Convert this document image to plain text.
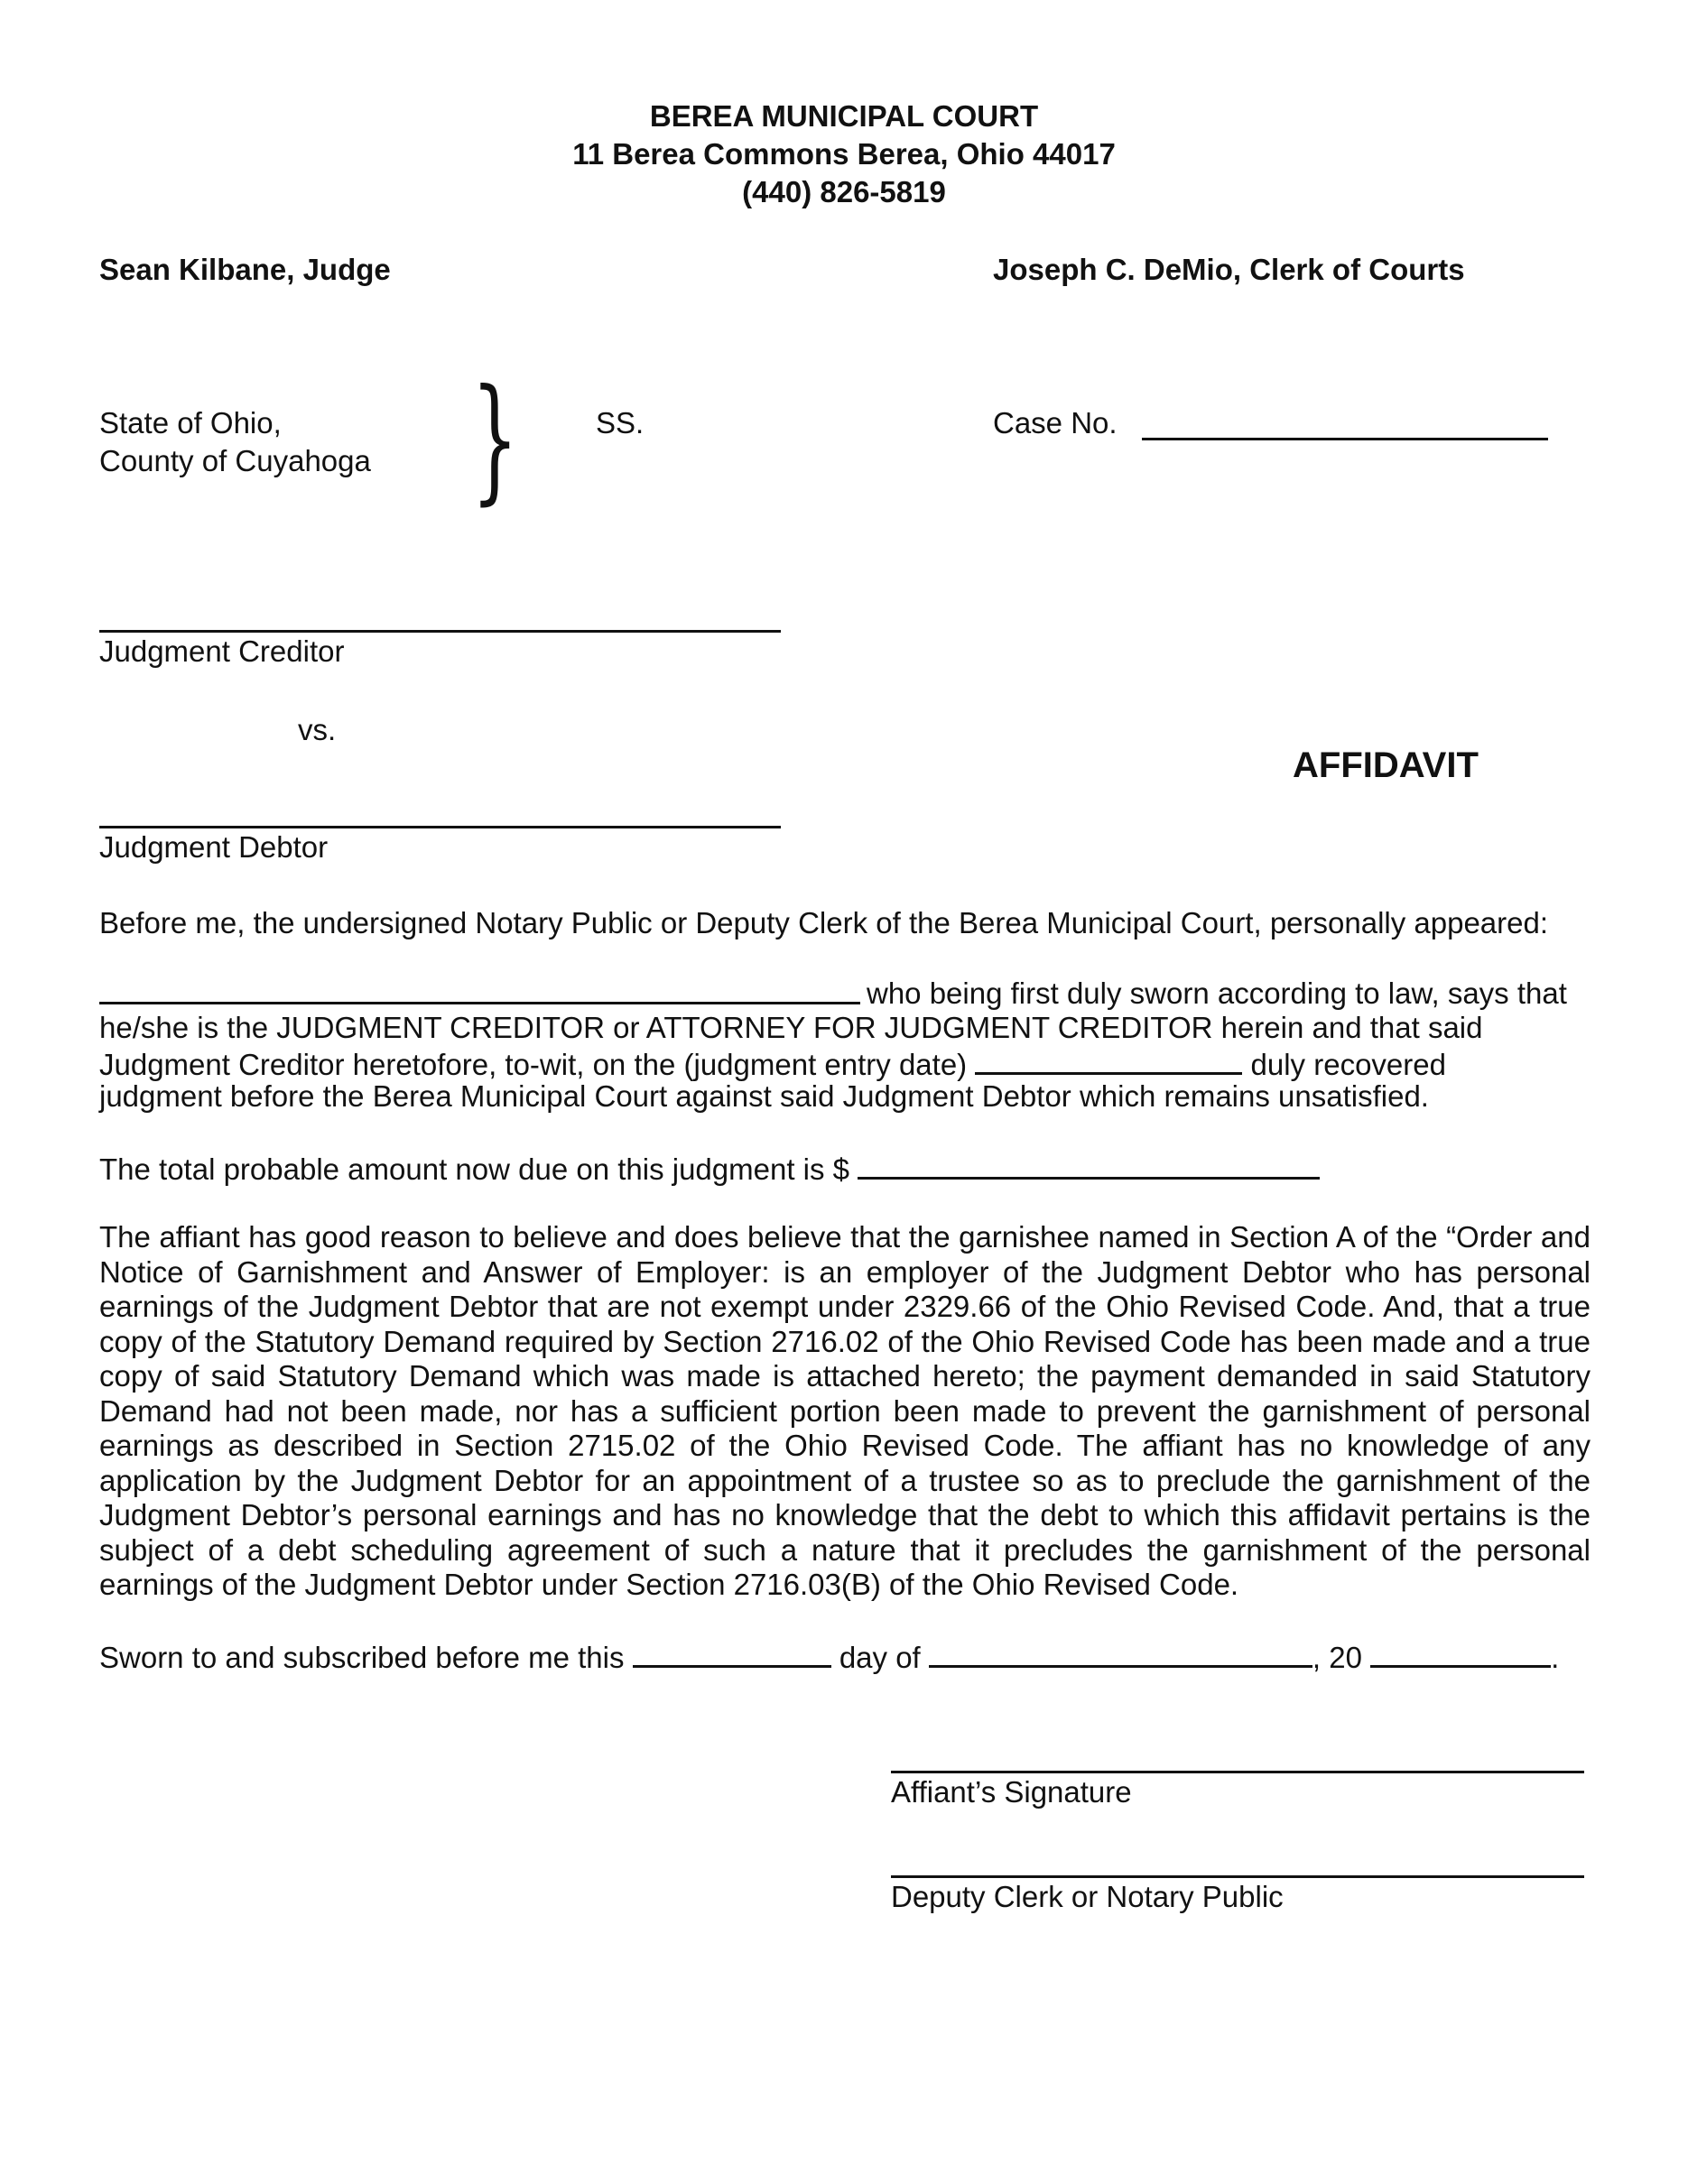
BEREA MUNICIPAL COURT
11 Berea Commons Berea, Ohio 44017
(440) 826-5819
Sean Kilbane, Judge	Joseph C. DeMio, Clerk of Courts
State of Ohio,
County of Cuyahoga }	SS.	Case No.
Judgment Creditor
vs.
AFFIDAVIT
Judgment Debtor
Before me, the undersigned Notary Public or Deputy Clerk of the Berea Municipal Court, personally appeared:
who being first duly sworn according to law, says that
he/she is the JUDGMENT CREDITOR or ATTORNEY FOR JUDGMENT CREDITOR herein and that said
Judgment Creditor heretofore, to-wit, on the (judgment entry date)	duly recovered
judgment before the Berea Municipal Court against said Judgment Debtor which remains unsatisfied.
The total probable amount now due on this judgment is $
The affiant has good reason to believe and does believe that the garnishee named in Section A of the “Order and Notice of Garnishment and Answer of Employer: is an employer of the Judgment Debtor who has personal earnings of the Judgment Debtor that are not exempt under 2329.66 of the Ohio Revised Code. And, that a true copy of the Statutory Demand required by Section 2716.02 of the Ohio Revised Code has been made and a true copy of said Statutory Demand which was made is attached hereto; the payment demanded in said Statutory Demand had not been made, nor has a sufficient portion been made to prevent the garnishment of personal earnings as described in Section 2715.02 of the Ohio Revised Code. The affiant has no knowledge of any application by the Judgment Debtor for an appointment of a trustee so as to preclude the garnishment of the Judgment Debtor’s personal earnings and has no knowledge that the debt to which this affidavit pertains is the subject of a debt scheduling agreement of such a nature that it precludes the garnishment of the personal earnings of the Judgment Debtor under Section 2716.03(B) of the Ohio Revised Code.
Sworn to and subscribed before me this	day of	, 20	.
Affiant’s Signature
Deputy Clerk or Notary Public
